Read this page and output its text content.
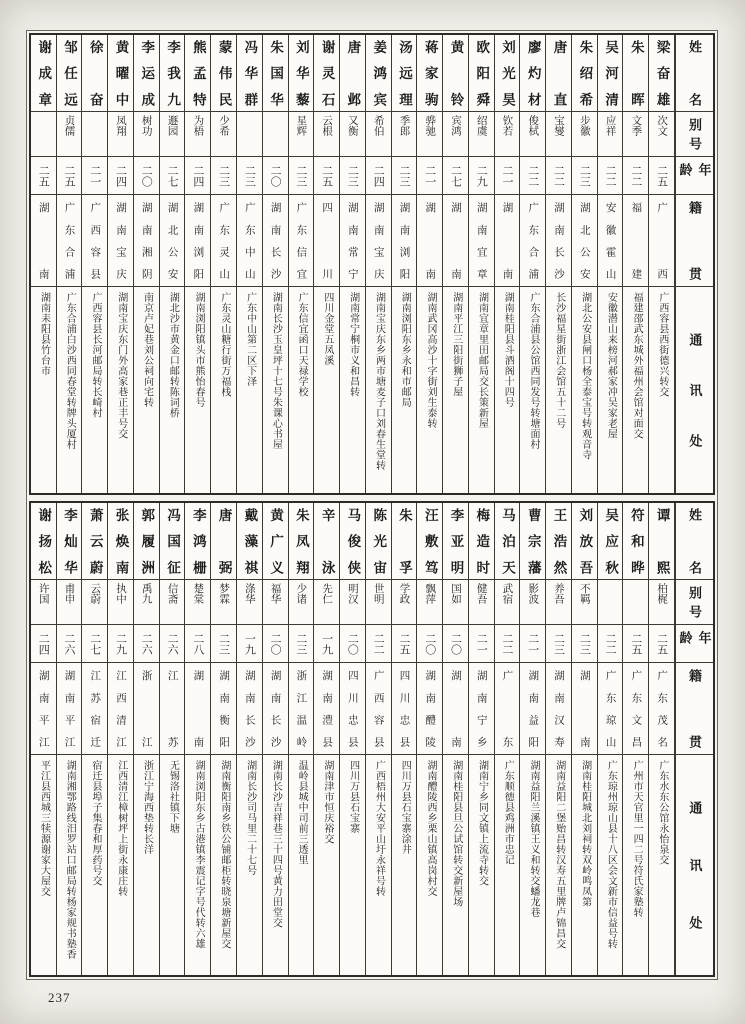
姓名
别号
年龄
籍贯
通讯处
梁奋雄
次文
二五
广西
广西容县西街德兴转交
朱晖
文季
二二
福建
福建邵武东城外福州会馆对面交
吴河清
应祥
二二
安徽霍山
安徽潜山来榜河郝家冲吴家老屋
朱绍希
步徽
二三
湖北公安
湖北公安县闸口杨全泰宝号转观音寺
唐直
宝燮
二二
湖南长沙
长沙福星街浙江会馆五十二号
廖灼材
俊栻
二二
广东合浦
广东合浦县公馆西同发号转塘面村
刘光昊
钦若
二一
湖南
湖南桂阳县斗酒阁十四号
欧阳舜
绍虞
二九
湖南宜章
湖南宜章里田邮局交长策新屋
黄铃
宾鸿
二七
湖南
湖南平江三阳街狮子屋
蒋家驹
骅驰
二一
湖南
湖南武冈高沙十字街刘生泰转
汤远理
季郎
二三
湖南浏阳
湖南浏阳东乡永和市邮局
姜鸿宾
希伯
二四
湖南宝庆
湖南宝庆东乡两市塘麦子口刘春生堂转
唐邺
又衡
二三
湖南常宁
湖南常宁桐市义和昌转
谢灵石
云根
二五
四川
四川金堂五凤溪
刘华藜
星辉
二三
广东信宜
广东信宜函口天禄学校
朱国华
二〇
湖南长沙
湖南长沙玉皇坪十七号朱课心书屋
冯华群
二三
广东中山
广东中山第二区下泽
蒙伟民
少希
二三
广东灵山
广东灵山糖行街万福栈
熊孟特
为梧
二四
湖南浏阳
湖南浏阳镇头市熊怡春号
李我九
遯园
二七
湖北公安
湖北沙市黄金口邮转陈词桥
李运成
树功
二〇
湖南湘阴
南京卢妃巷刘公祠向宅转
黄曜中
凤翔
二四
湖南宝庆
湖南宝庆东门外高家巷正丰号交
徐奋
二一
广西容县
广西容县长河邮局转长崎村
邹任远
贞儒
二五
广东合浦
广东合浦白沙西同春堂转牌头厦村
谢成章
二五
湖南
湖南耒阳县竹台市
姓名
别号
年龄
籍贯
通讯处
谭熙
柏梶
二五
广东茂名
广东水东公馆永怡泉交
符和晔
二五
广东文昌
广州市天官里一四二号符氏家塾转
吴应秋
二二
广东琼山
广东琼州琼山县十八区会文新市信益号转
刘放吾
不羁
二三
湖南
湖南桂阳城北刘祠转双岭鸣凤第
王浩然
养吾
二三
湖南汉寿
湖南益阳二堡贻昌转汉寿五里牌卢锦昌交
曹宗藩
影波
二一
湖南益阳
湖南益阳兰溪镇王义和转交蟠龙巷
马泊天
武宿
二二
广东
广东顺德县鸡洲市忠记
梅造时
健吾
二一
湖南宁乡
湖南宁乡同文镇上流寺转交
李亚明
国如
二〇
湖南
湖南桂阳县旦公试馆转交新屋场
汪敷笃
飘萍
二〇
湖南醴陵
湖南醴陵西乡栗山镇高岗村交
朱孚
学政
二五
四川忠县
四川万县石宝寨涂井
陈光宙
世明
二二
广西容县
广西梧州大安平山圩永祥号转
马俊侠
明汉
二〇
四川忠县
四川万县石宝寨
辛泳
先仁
一九
湖南澧县
湖南津市恒庆裕交
朱凤翔
少诸
二三
浙江温岭
温岭县城中司前三透里
黄广义
福华
二〇
湖南长沙
湖南长沙吉祥巷三十四号黄力田堂交
戴藻祺
涤华
一九
湖南长沙
湖南长沙司马里二十七号
唐弼
梦霖
二三
湖南衡阳
湖南衡阳南乡铁公铺邮柜转晓泉塘新屋交
李鸿栅
楚棠
二八
湖南
湖南浏阳东乡古港镇李震记字号代转六雄
冯国征
信斋
二六
江苏
无锡洛社镇下塘
郭履洲
禹九
二六
浙江
浙江宁海西垫转长洋
张焕南
执中
二九
江西清江
江西清江樟树坪上街永康庄转
萧云蔚
云蔚
二七
江苏宿迁
宿迁县埠子集春和厚药号交
李灿华
甫申
二六
湖南平江
湖南湘鄂路线汨罗站口邮局转杨家规书塾香
谢扬松
许国
二四
湖南平江
平江县西城三犊源谢家大屋交
237
